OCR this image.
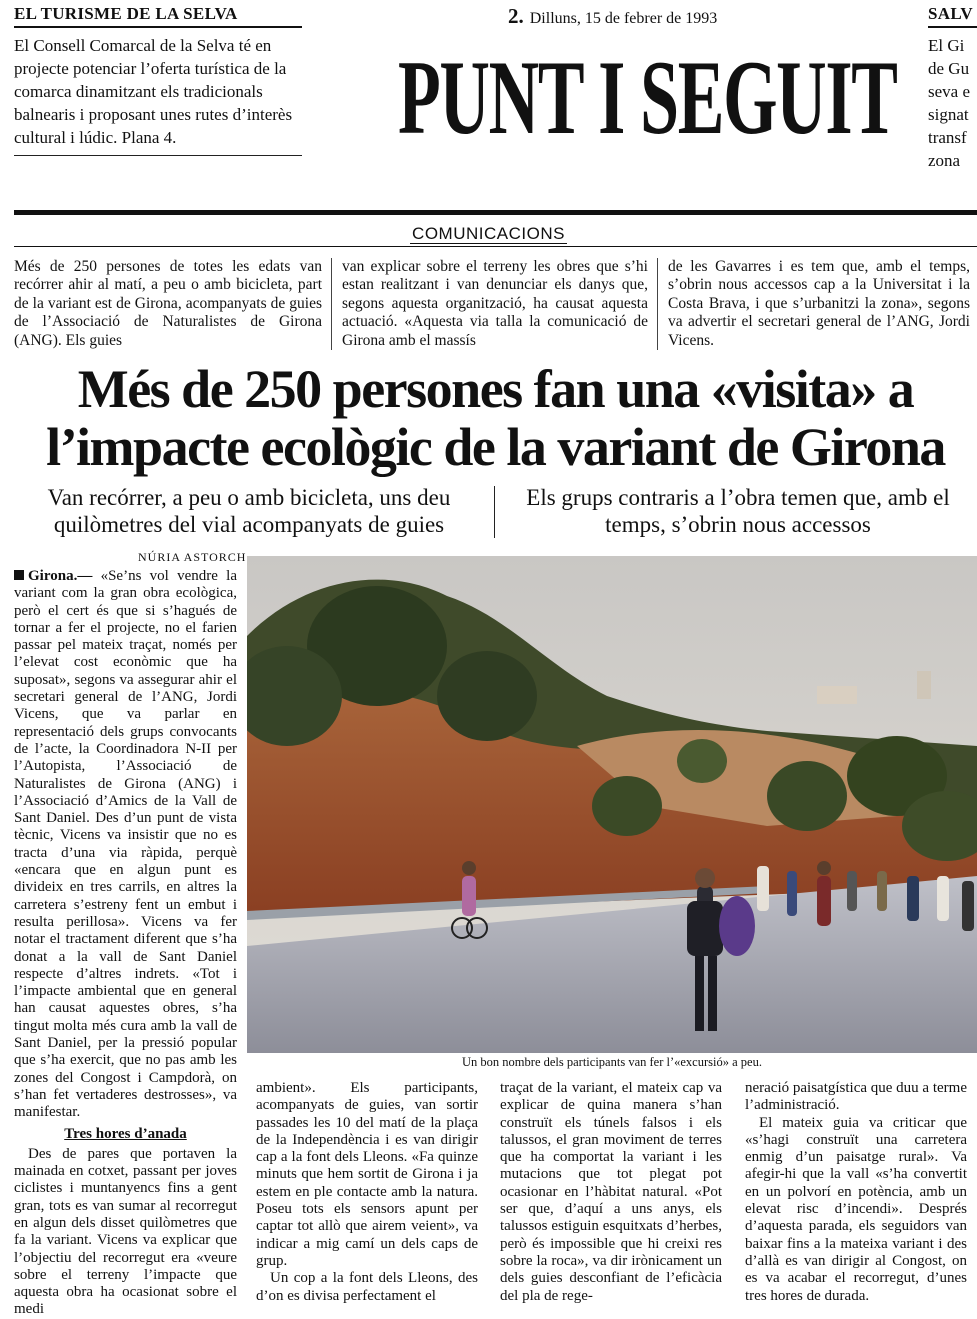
EL TURISME DE LA SELVA
El Consell Comarcal de la Selva té en projecte potenciar l’oferta turística de la comarca dinamitzant els tradicionals balnearis i proposant unes rutes d’interès cultural i lúdic. Plana 4.
2. Dilluns, 15 de febrer de 1993
PUNT I SEGUIT
SALV
El Gi
de Gu
seva e
signat
transf
zona
COMUNICACIONS
Més de 250 persones de totes les edats van recórrer ahir al matí, a peu o amb bicicleta, part de la variant est de Girona, acompanyats de guies de l’Associació de Naturalistes de Girona (ANG). Els guies
van explicar sobre el terreny les obres que s’hi estan realitzant i van denunciar els danys que, segons aquesta organització, ha causat aquesta actuació. «Aquesta via talla la comunicació de Girona amb el massís
de les Gavarres i es tem que, amb el temps, s’obrin nous accessos cap a la Universitat i la Costa Brava, i que s’urbanitzi la zona», segons va advertir el secretari general de l’ANG, Jordi Vicens.
Més de 250 persones fan una «visita» a
l’impacte ecològic de la variant de Girona
Van recórrer, a peu o amb bicicleta, uns deu quilòmetres del vial acompanyats de guies
Els grups contraris a l’obra temen que, amb el temps, s’obrin nous accessos
NÚRIA ASTORCH

Girona.— «Se’ns vol vendre la variant com la gran obra ecològica, però el cert és que si s’hagués de tornar a fer el projecte, no el farien passar pel mateix traçat, només per l’elevat cost econòmic que ha suposat», segons va assegurar ahir el secretari general de l’ANG, Jordi Vicens, que va parlar en representació dels grups convocants de l’acte, la Coordinadora N-II per l’Autopista, l’Associació de Naturalistes de Girona (ANG) i l’Associació d’Amics de la Vall de Sant Daniel. Des d’un punt de vista tècnic, Vicens va insistir que no es tracta d’una via ràpida, perquè «encara que en algun punt es divideix en tres carrils, en altres la carretera s’estreny fent un embut i resulta perillosa». Vicens va fer notar el tractament diferent que s’ha donat a la vall de Sant Daniel respecte d’altres indrets. «Tot i l’impacte ambiental que en general han causat aquestes obres, s’ha tingut molta més cura amb la vall de Sant Daniel, per la pressió popular que s’ha exercit, que no pas amb les zones del Congost i Campdorà, on s’han fet vertaderes destrosses», va manifestar.

Tres hores d’anada

Des de pares que portaven la mainada en cotxet, passant per joves ciclistes i muntanyencs fins a gent gran, tots es van sumar al recorregut en algun dels disset quilòmetres que fa la variant. Vicens va explicar que l’objectiu del recorregut era «veure sobre el terreny l’impacte que aquesta obra ha ocasionat sobre el medi

Un bon nombre dels participants van fer l’«excursió» a peu.

ambient». Els participants, acompanyats de guies, van sortir passades les 10 del matí de la plaça de la Independència i es van dirigir cap a la font dels Lleons. «Fa quinze minuts que hem sortit de Girona i ja estem en ple contacte amb la natura. Poseu tots els sensors apunt per captar tot allò que airem veient», va indicar a mig camí un dels caps de grup.

Un cop a la font dels Lleons, des d’on es divisa perfectament el

traçat de la variant, el mateix cap va explicar de quina manera s’han construït els túnels falsos i els talussos, el gran moviment de terres que ha comportat la variant i les mutacions que tot plegat pot ocasionar en l’hàbitat natural. «Pot ser que, d’aquí a uns anys, els talussos estiguin esquitxats d’herbes, però és impossible que hi creixi res sobre la roca», va dir irònicament un dels guies desconfiant de l’eficàcia del pla de rege-

neració paisatgística que duu a terme l’administració.

El mateix guia va criticar que «s’hagi construït una carretera enmig d’un paisatge rural». Va afegir-hi que la vall «s’ha convertit en un polvorí en potència, amb un elevat risc d’incendi». Després d’aquesta parada, els seguidors van baixar fins a la mateixa variant i des d’allà es van dirigir al Congost, on es va acabar el recorregut, d’unes tres hores de durada.
